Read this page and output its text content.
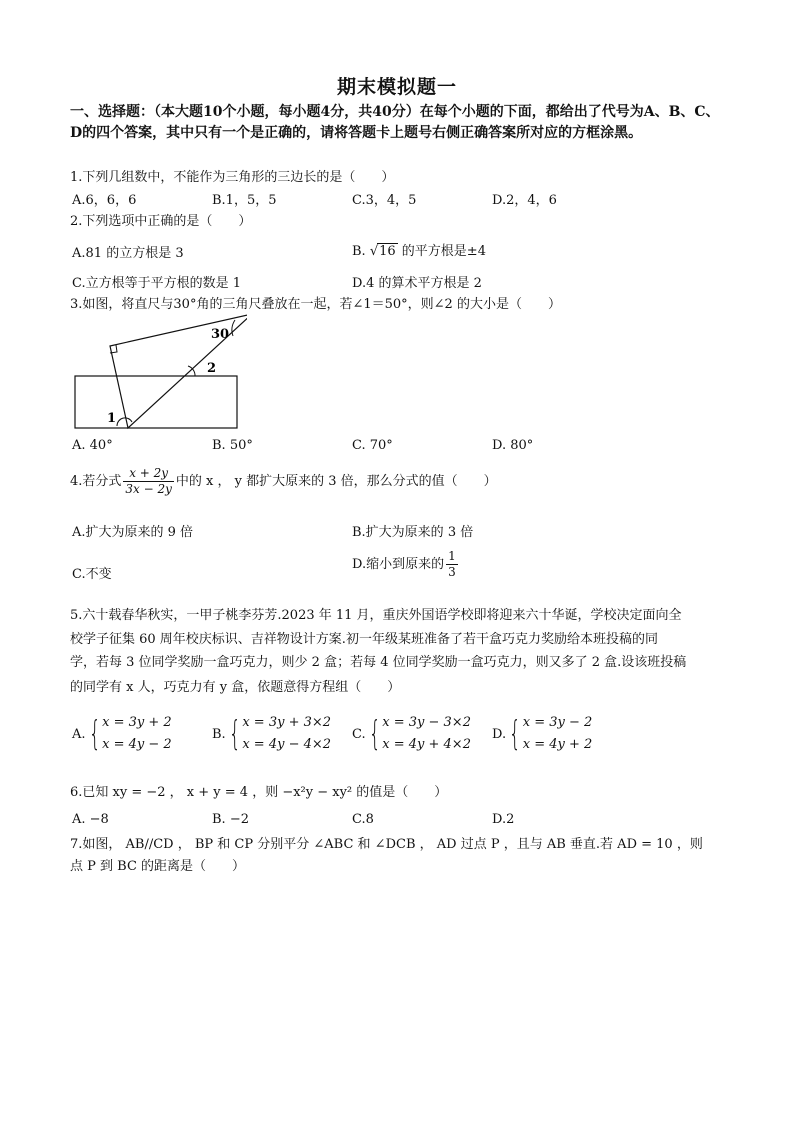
期末模拟题一
一、选择题：（本大题10个小题，每小题4分，共40分）在每个小题的下面，都给出了代号为A、B、C、D的四个答案，其中只有一个是正确的，请将答题卡上题号右侧正确答案所对应的方框涂黑。
1.下列几组数中，不能作为三角形的三边长的是（　　）
A.6，6，6	B.1，5，5	C.3，4，5	D.2，4，6
2.下列选项中正确的是（　　）
A.81 的立方根是 3	B. √16 的平方根是±4
C.立方根等于平方根的数是 1	D.4 的算术平方根是 2
3.如图，将直尺与30°角的三角尺叠放在一起，若∠1＝50°，则∠2 的大小是（　　）
30
2
1
A. 40°	B. 50°	C. 70°	D. 80°
4.若分式 $\frac{x + 2y}{3x - 2y}$ 中的 x ， y 都扩大原来的 3 倍，那么分式的值（　　）
A.扩大为原来的 9 倍	B.扩大为原来的 3 倍
C.不变
D.缩小到原来的 $\frac{1}{3}$
5.六十载春华秋实，一甲子桃李芬芳.2023 年 11 月，重庆外国语学校即将迎来六十华诞，学校决定面向全
校学子征集 60 周年校庆标识、吉祥物设计方案.初一年级某班准备了若干盒巧克力奖励给本班投稿的同
学，若每 3 位同学奖励一盒巧克力，则少 2 盒；若每 4 位同学奖励一盒巧克力，则又多了 2 盒.设该班投稿
的同学有 x 人，巧克力有 y 盒，依题意得方程组（　　）
A. { x = 3y + 2
x = 4y − 2
B. { x = 3y + 3×2
x = 4y − 4×2
C. { x = 3y − 3×2
x = 4y + 4×2
D. { x = 3y − 2
x = 4y + 2
6.已知 xy = −2 ， x + y = 4 ，则 −x²y − xy² 的值是（　　）
A. −8	B. −2	C.8	D.2
7.如图， AB//CD ， BP 和 CP 分别平分 ∠ABC 和 ∠DCB ， AD 过点 P ，且与 AB 垂直.若 AD = 10 ，则
点 P 到 BC 的距离是（　　）
